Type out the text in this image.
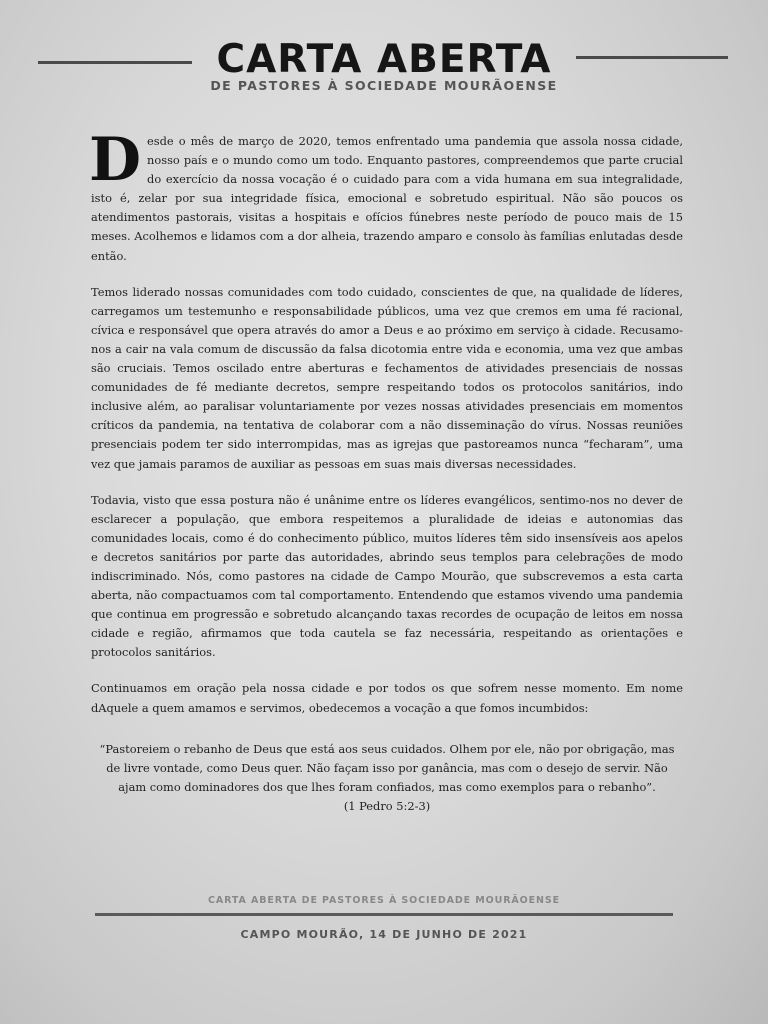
CARTA ABERTA
DE PASTORES À SOCIEDADE MOURÃOENSE

Desde o mês de março de 2020, temos enfrentado uma pandemia que assola nossa cidade, nosso país e o mundo como um todo. Enquanto pastores, compreendemos que parte crucial do exercício da nossa vocação é o cuidado para com a vida humana em sua integralidade, isto é, zelar por sua integridade física, emocional e sobretudo espiritual. Não são poucos os atendimentos pastorais, visitas a hospitais e ofícios fúnebres neste período de pouco mais de 15 meses. Acolhemos e lidamos com a dor alheia, trazendo amparo e consolo às famílias enlutadas desde então.

Temos liderado nossas comunidades com todo cuidado, conscientes de que, na qualidade de líderes, carregamos um testemunho e responsabilidade públicos, uma vez que cremos em uma fé racional, cívica e responsável que opera através do amor a Deus e ao próximo em serviço à cidade. Recusamo-nos a cair na vala comum de discussão da falsa dicotomia entre vida e economia, uma vez que ambas são cruciais. Temos oscilado entre aberturas e fechamentos de atividades presenciais de nossas comunidades de fé mediante decretos, sempre respeitando todos os protocolos sanitários, indo inclusive além, ao paralisar voluntariamente por vezes nossas atividades presenciais em momentos críticos da pandemia, na tentativa de colaborar com a não disseminação do vírus. Nossas reuniões presenciais podem ter sido interrompidas, mas as igrejas que pastoreamos nunca “fecharam”, uma vez que jamais paramos de auxiliar as pessoas em suas mais diversas necessidades.

Todavia, visto que essa postura não é unânime entre os líderes evangélicos, sentimo-nos no dever de esclarecer a população, que embora respeitemos a pluralidade de ideias e autonomias das comunidades locais, como é do conhecimento público, muitos líderes têm sido insensíveis aos apelos e decretos sanitários por parte das autoridades, abrindo seus templos para celebrações de modo indiscriminado. Nós, como pastores na cidade de Campo Mourão, que subscrevemos a esta carta aberta, não compactuamos com tal comportamento. Entendendo que estamos vivendo uma pandemia que continua em progressão e sobretudo alcançando taxas recordes de ocupação de leitos em nossa cidade e região, afirmamos que toda cautela se faz necessária, respeitando as orientações e protocolos sanitários.

Continuamos em oração pela nossa cidade e por todos os que sofrem nesse momento. Em nome dAquele a quem amamos e servimos, obedecemos a vocação a que fomos incumbidos:

“Pastoreiem o rebanho de Deus que está aos seus cuidados. Olhem por ele, não por obrigação, mas de livre vontade, como Deus quer. Não façam isso por ganância, mas com o desejo de servir. Não ajam como dominadores dos que lhes foram confiados, mas como exemplos para o rebanho”.
(1 Pedro 5:2-3)
CARTA ABERTA DE PASTORES À SOCIEDADE MOURÃOENSE
CAMPO MOURÃO, 14 DE JUNHO DE 2021
